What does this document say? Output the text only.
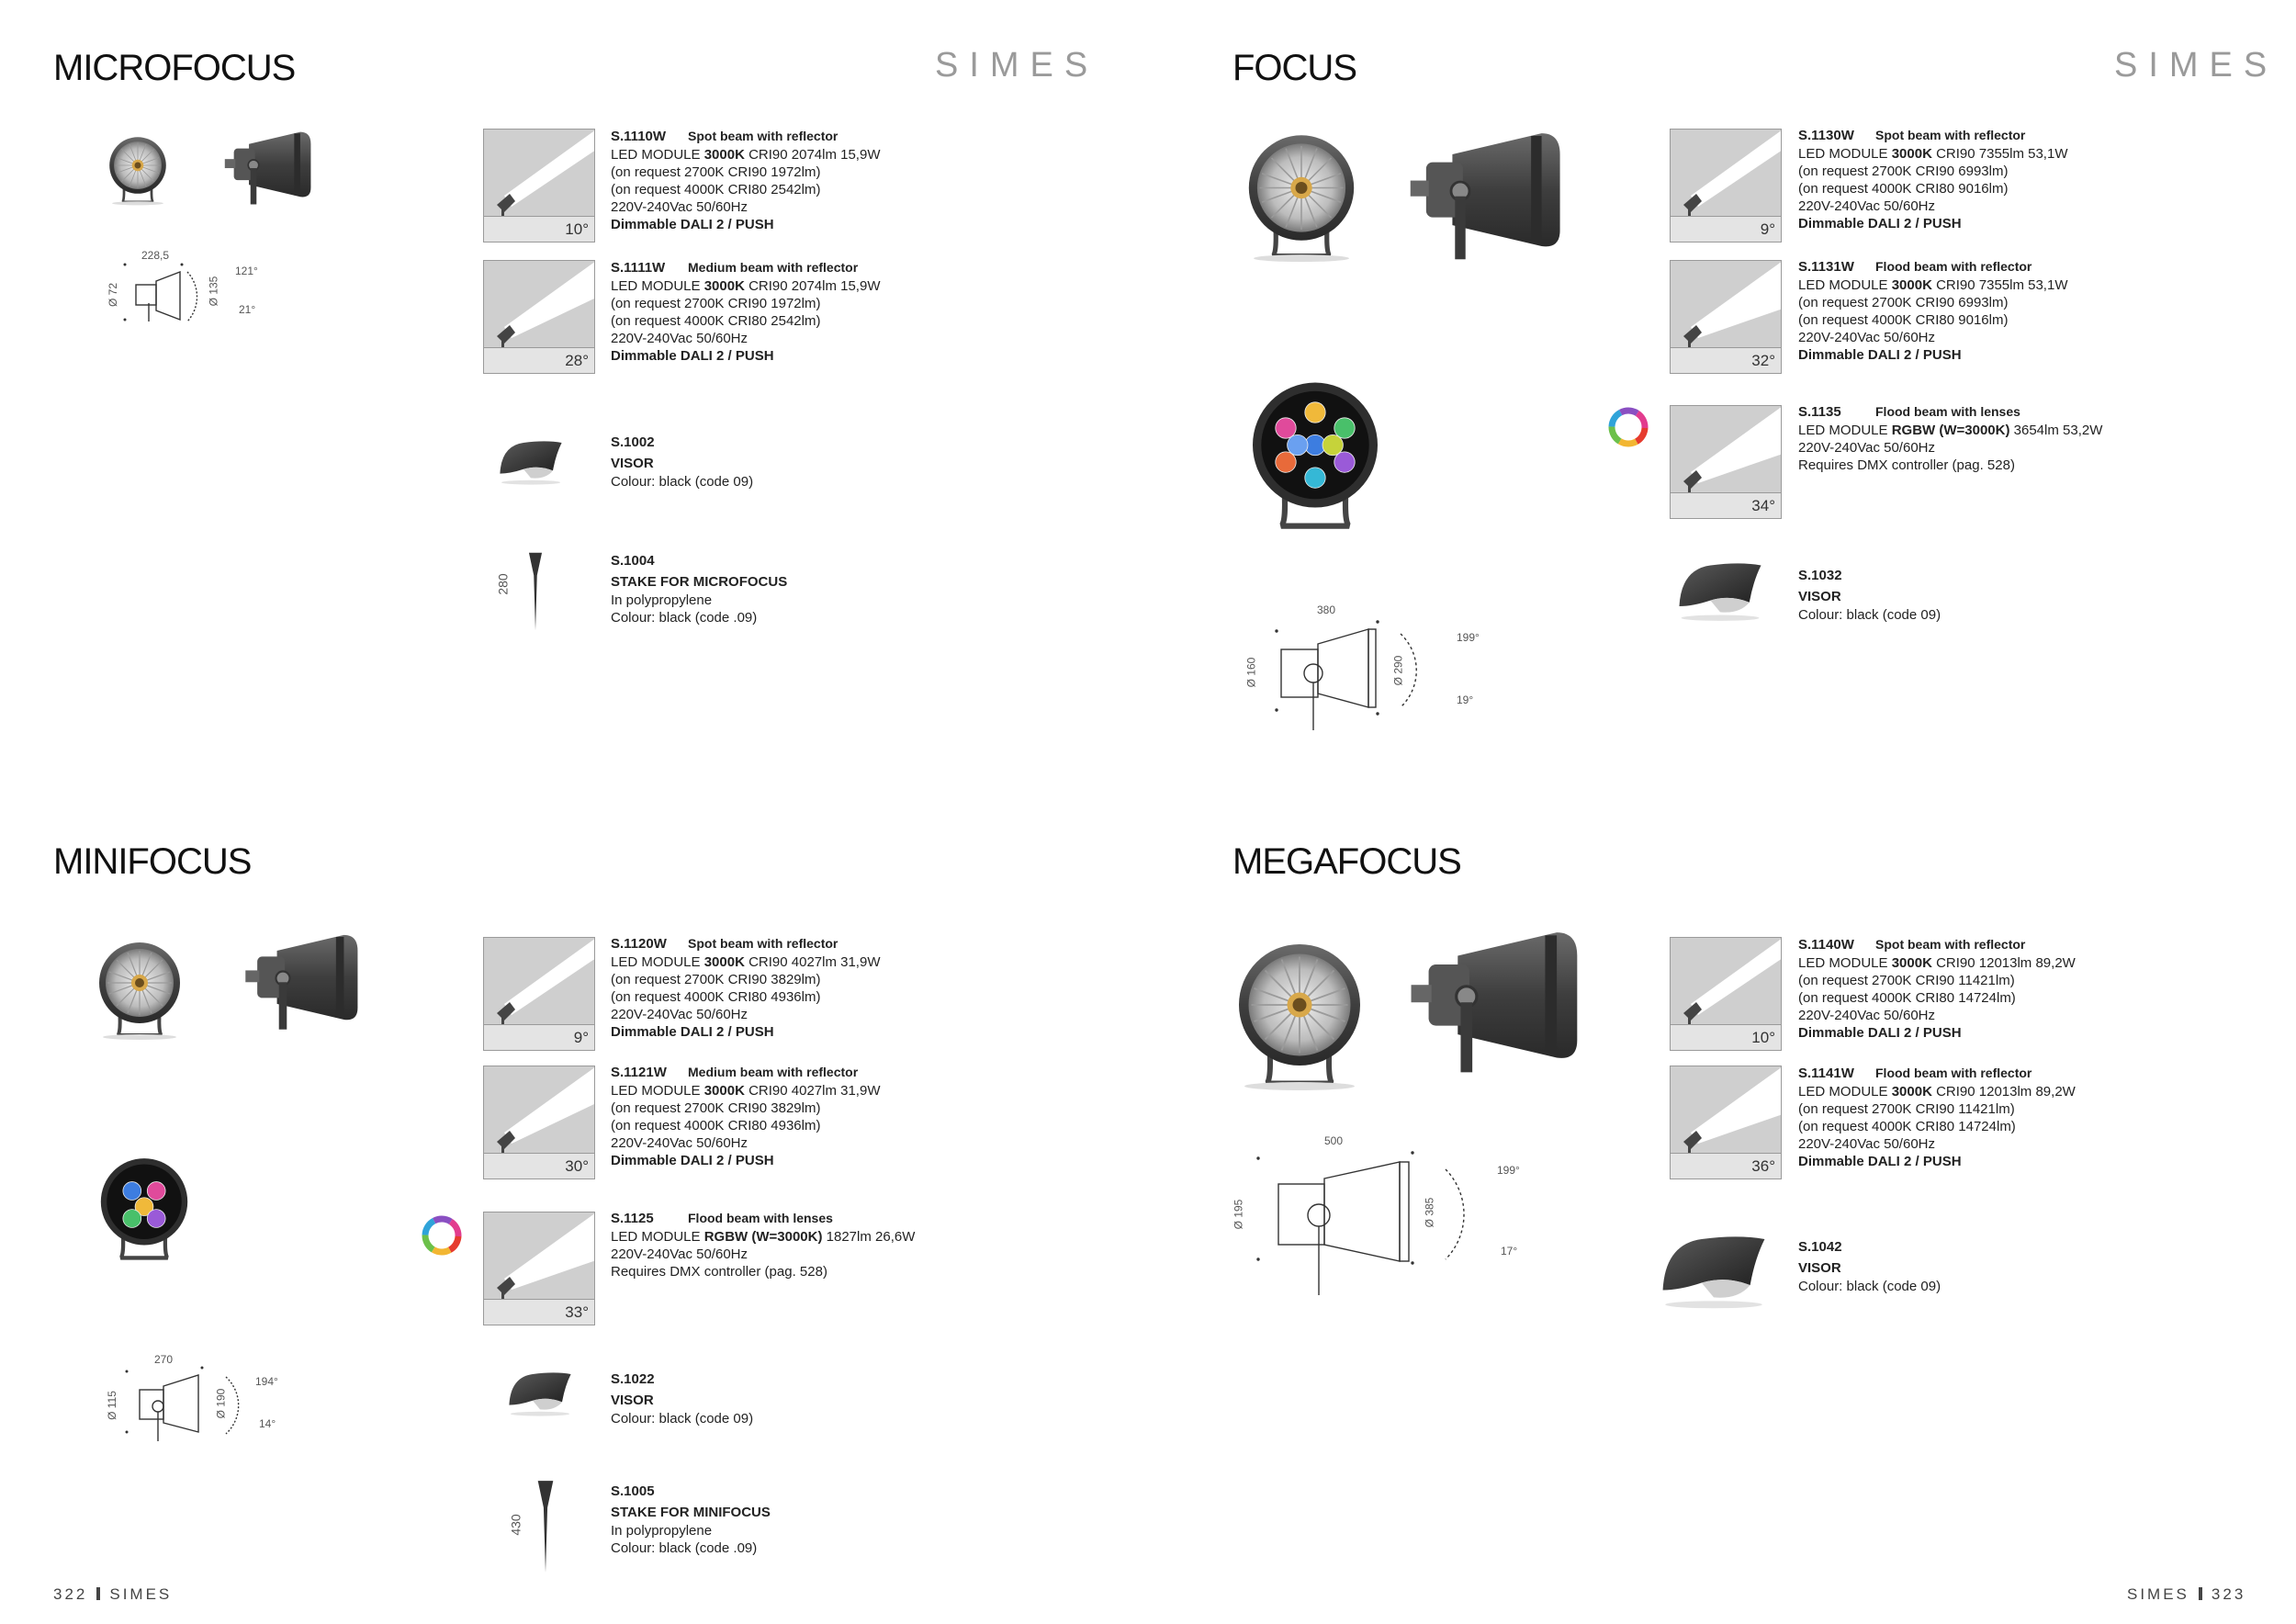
MICROFOCUS	SIMES
228,5
Ø 72	Ø 135
121°
21°
10°
S.1110W Spot beam with reflector
LED MODULE 3000K CRI90 2074lm 15,9W
(on request 2700K CRI90 1972lm)
(on request 4000K CRI80 2542lm)
220V-240Vac 50/60Hz
Dimmable DALI 2 / PUSH
28°
S.1111W Medium beam with reflector
LED MODULE 3000K CRI90 2074lm 15,9W
(on request 2700K CRI90 1972lm)
(on request 4000K CRI80 2542lm)
220V-240Vac 50/60Hz
Dimmable DALI 2 / PUSH
S.1002
VISOR
Colour: black (code 09)
280
S.1004
STAKE FOR MICROFOCUS
In polypropylene
Colour: black (code .09)
FOCUS	SIMES
380
Ø 160	Ø 290
199°
19°
9°
S.1130W Spot beam with reflector
LED MODULE 3000K CRI90 7355lm 53,1W
(on request 2700K CRI90 6993lm)
(on request 4000K CRI80 9016lm)
220V-240Vac 50/60Hz
Dimmable DALI 2 / PUSH
32°
S.1131W Flood beam with reflector
LED MODULE 3000K CRI90 7355lm 53,1W
(on request 2700K CRI90 6993lm)
(on request 4000K CRI80 9016lm)
220V-240Vac 50/60Hz
Dimmable DALI 2 / PUSH
34°
S.1135	Flood beam with lenses
LED MODULE RGBW (W=3000K) 3654lm 53,2W
220V-240Vac 50/60Hz
Requires DMX controller (pag. 528)
S.1032
VISOR
Colour: black (code 09)
MINIFOCUS
270
Ø 115	Ø 190
194°
14°
9°
S.1120W Spot beam with reflector
LED MODULE 3000K CRI90 4027lm 31,9W
(on request 2700K CRI90 3829lm)
(on request 4000K CRI80 4936lm)
220V-240Vac 50/60Hz
Dimmable DALI 2 / PUSH
30°
S.1121W Medium beam with reflector
LED MODULE 3000K CRI90 4027lm 31,9W
(on request 2700K CRI90 3829lm)
(on request 4000K CRI80 4936lm)
220V-240Vac 50/60Hz
Dimmable DALI 2 / PUSH
33°
S.1125	Flood beam with lenses
LED MODULE RGBW (W=3000K) 1827lm 26,6W
220V-240Vac 50/60Hz
Requires DMX controller (pag. 528)
S.1022
VISOR
Colour: black (code 09)
430
S.1005
STAKE FOR MINIFOCUS
In polypropylene
Colour: black (code .09)
MEGAFOCUS
500
Ø 195	Ø 385
199°
17°
10°
S.1140W Spot beam with reflector
LED MODULE 3000K CRI90 12013lm 89,2W
(on request 2700K CRI90 11421lm)
(on request 4000K CRI80 14724lm)
220V-240Vac 50/60Hz
Dimmable DALI 2 / PUSH
36°
S.1141W Flood beam with reflector
LED MODULE 3000K CRI90 12013lm 89,2W
(on request 2700K CRI90 11421lm)
(on request 4000K CRI80 14724lm)
220V-240Vac 50/60Hz
Dimmable DALI 2 / PUSH
S.1042
VISOR
Colour: black (code 09)
322 SIMES	SIMES 323
